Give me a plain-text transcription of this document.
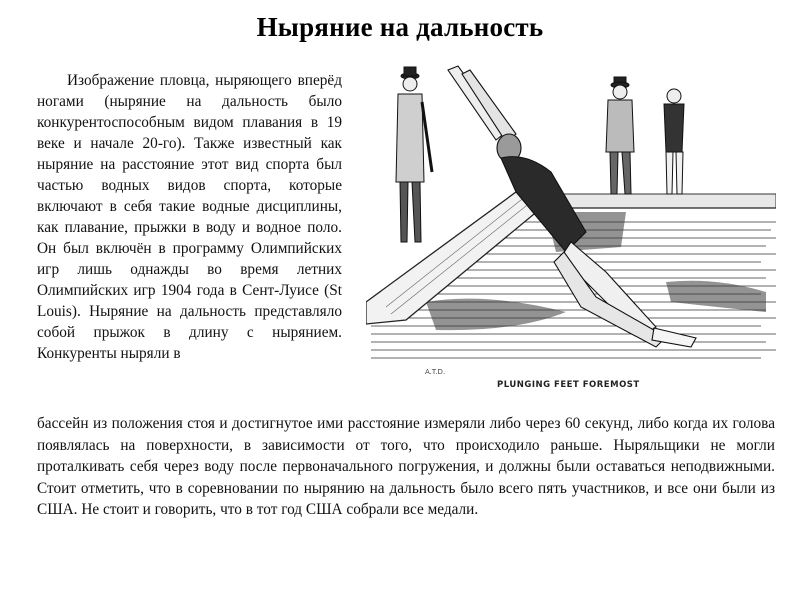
Ныряние на дальность

Изображение пловца, ныряющего вперёд ногами (ныряние на дальность было конкурентоспособным видом плавания в 19 веке и начале 20-го). Также известный как ныряние на расстояние этот вид спорта был частью водных видов спорта, которые включают в себя такие водные дисциплины, как плавание, прыжки в воду и водное поло. Он был включён в программу Олимпийских игр лишь однажды во время летних Олимпийских игр 1904 года в Сент-Луисе (St Louis). Ныряние на дальность представляло собой прыжок в длину с нырянием. Конкуренты ныряли в

A.T.D.
PLUNGING FEET FOREMOST

бассейн из положения стоя и достигнутое ими расстояние измеряли либо через 60 секунд, либо когда их голова появлялась на поверхности, в зависимости от того, что происходило раньше. Ныряльщики не могли проталкивать себя через воду после первоначального погружения, и должны были оставаться неподвижными. Стоит отметить, что в соревновании по нырянию на дальность было всего пять участников, и все они были из США. Не стоит и говорить, что в тот год США собрали все медали.
